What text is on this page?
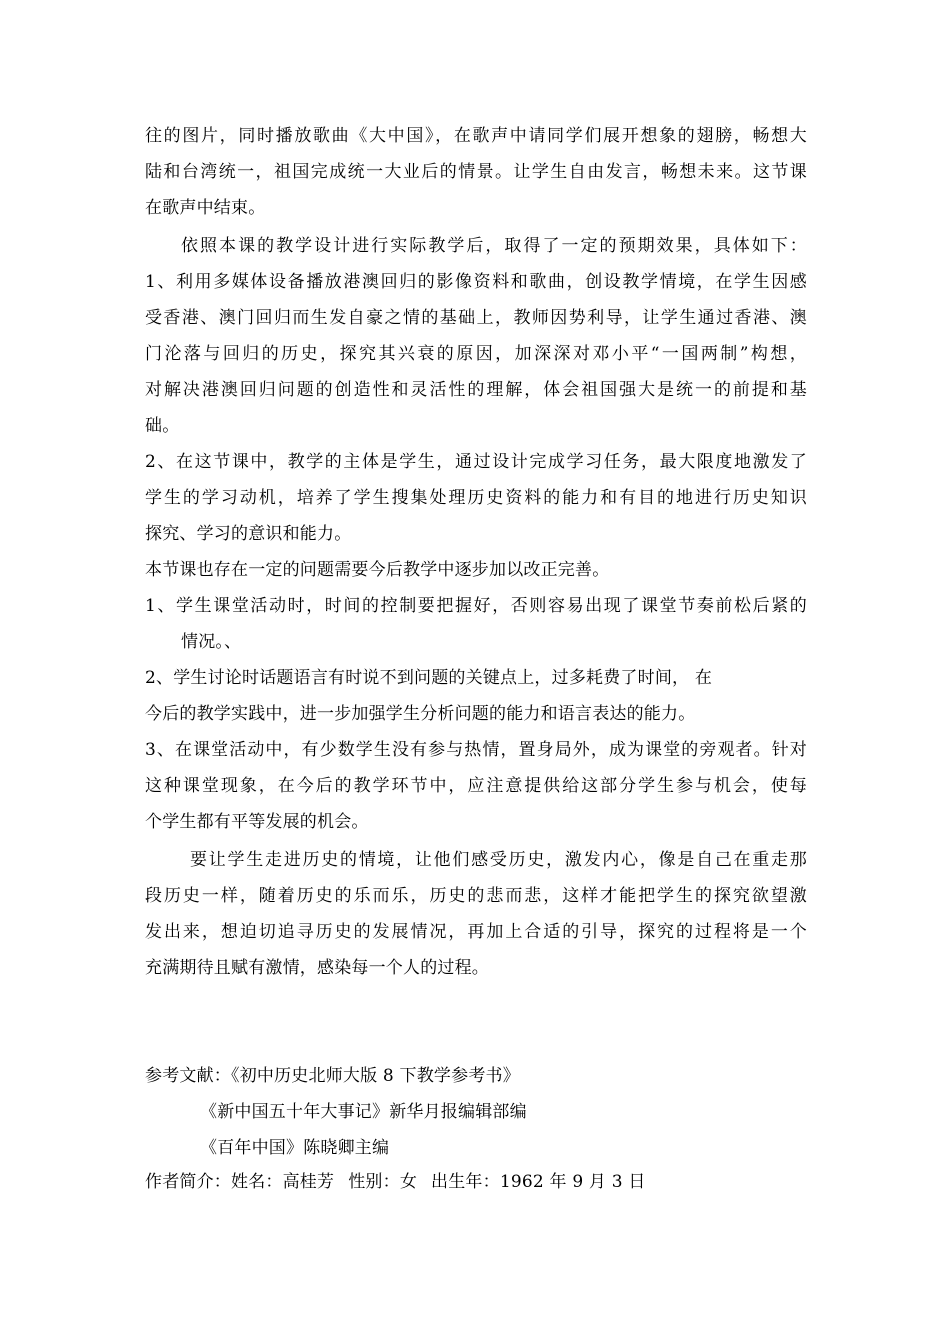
往的图片，同时播放歌曲《大中国》，在歌声中请同学们展开想象的翅膀，畅想大
陆和台湾统一，祖国完成统一大业后的情景。让学生自由发言，畅想未来。这节课
在歌声中结束。
依照本课的教学设计进行实际教学后，取得了一定的预期效果，具体如下：
1、利用多媒体设备播放港澳回归的影像资料和歌曲，创设教学情境，在学生因感
受香港、澳门回归而生发自豪之情的基础上，教师因势利导，让学生通过香港、澳
门沦落与回归的历史，探究其兴衰的原因，加深深对邓小平“一国两制”构想，
对解决港澳回归问题的创造性和灵活性的理解，体会祖国强大是统一的前提和基
础。
2、在这节课中，教学的主体是学生，通过设计完成学习任务，最大限度地激发了
学生的学习动机，培养了学生搜集处理历史资料的能力和有目的地进行历史知识
探究、学习的意识和能力。
本节课也存在一定的问题需要今后教学中逐步加以改正完善。
1、学生课堂活动时，时间的控制要把握好，否则容易出现了课堂节奏前松后紧的
情况。、
2、学生讨论时话题语言有时说不到问题的关键点上，过多耗费了时间， 在
今后的教学实践中，进一步加强学生分析问题的能力和语言表达的能力。
3、在课堂活动中，有少数学生没有参与热情，置身局外，成为课堂的旁观者。针对
这种课堂现象，在今后的教学环节中，应注意提供给这部分学生参与机会，使每
个学生都有平等发展的机会。
要让学生走进历史的情境，让他们感受历史，激发内心，像是自己在重走那
段历史一样，随着历史的乐而乐，历史的悲而悲，这样才能把学生的探究欲望激
发出来，想迫切追寻历史的发展情况，再加上合适的引导，探究的过程将是一个
充满期待且赋有激情，感染每一个人的过程。
参考文献：《初中历史北师大版 8 下教学参考书》
《新中国五十年大事记》新华月报编辑部编
《百年中国》陈晓卿主编
作者简介：姓名：高桂芳 性别：女 出生年：1962 年 9 月 3 日
